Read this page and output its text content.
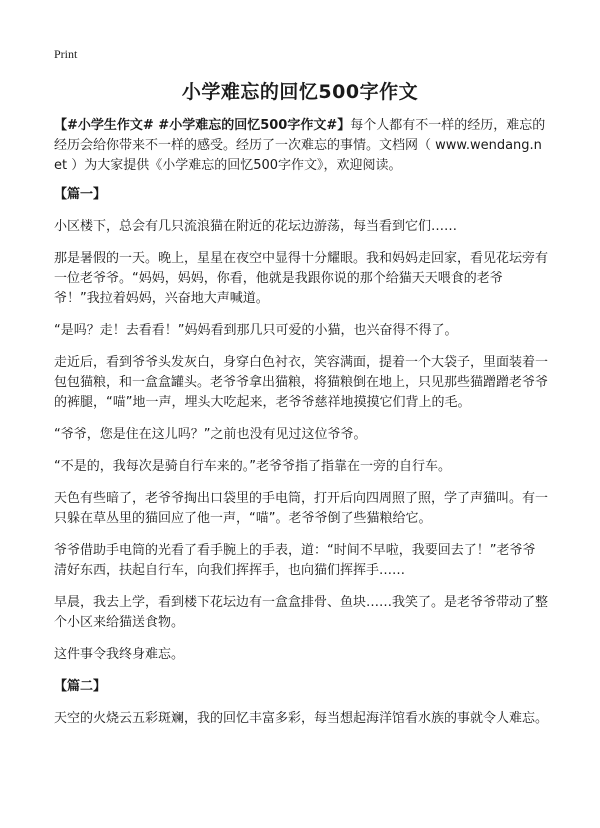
Print
小学难忘的回忆500字作文

【#小学生作文# #小学难忘的回忆500字作文#】每个人都有不一样的经历，难忘的经历会给你带来不一样的感受。经历了一次难忘的事情。文档网（ www.wendang.net ）为大家提供《小学难忘的回忆500字作文》，欢迎阅读。

【篇一】

小区楼下，总会有几只流浪猫在附近的花坛边游荡，每当看到它们……

那是暑假的一天。晚上，星星在夜空中显得十分耀眼。我和妈妈走回家，看见花坛旁有一位老爷爷。“妈妈，妈妈，你看，他就是我跟你说的那个给猫天天喂食的老爷爷！”我拉着妈妈，兴奋地大声喊道。

“是吗？走！去看看！”妈妈看到那几只可爱的小猫，也兴奋得不得了。

走近后，看到爷爷头发灰白，身穿白色衬衣，笑容满面，提着一个大袋子，里面装着一包包猫粮，和一盒盒罐头。老爷爷拿出猫粮，将猫粮倒在地上，只见那些猫蹭蹭老爷爷的裤腿，“喵”地一声，埋头大吃起来，老爷爷慈祥地摸摸它们背上的毛。

“爷爷，您是住在这儿吗？”之前也没有见过这位爷爷。

“不是的，我每次是骑自行车来的。”老爷爷指了指靠在一旁的自行车。

天色有些暗了，老爷爷掏出口袋里的手电筒，打开后向四周照了照，学了声猫叫。有一只躲在草丛里的猫回应了他一声，“喵”。老爷爷倒了些猫粮给它。

爷爷借助手电筒的光看了看手腕上的手表，道：“时间不早啦，我要回去了！”老爷爷清好东西，扶起自行车，向我们挥挥手，也向猫们挥挥手……

早晨，我去上学，看到楼下花坛边有一盒盒排骨、鱼块……我笑了。是老爷爷带动了整个小区来给猫送食物。

这件事令我终身难忘。

【篇二】

天空的火烧云五彩斑斓，我的回忆丰富多彩，每当想起海洋馆看水族的事就令人难忘。
